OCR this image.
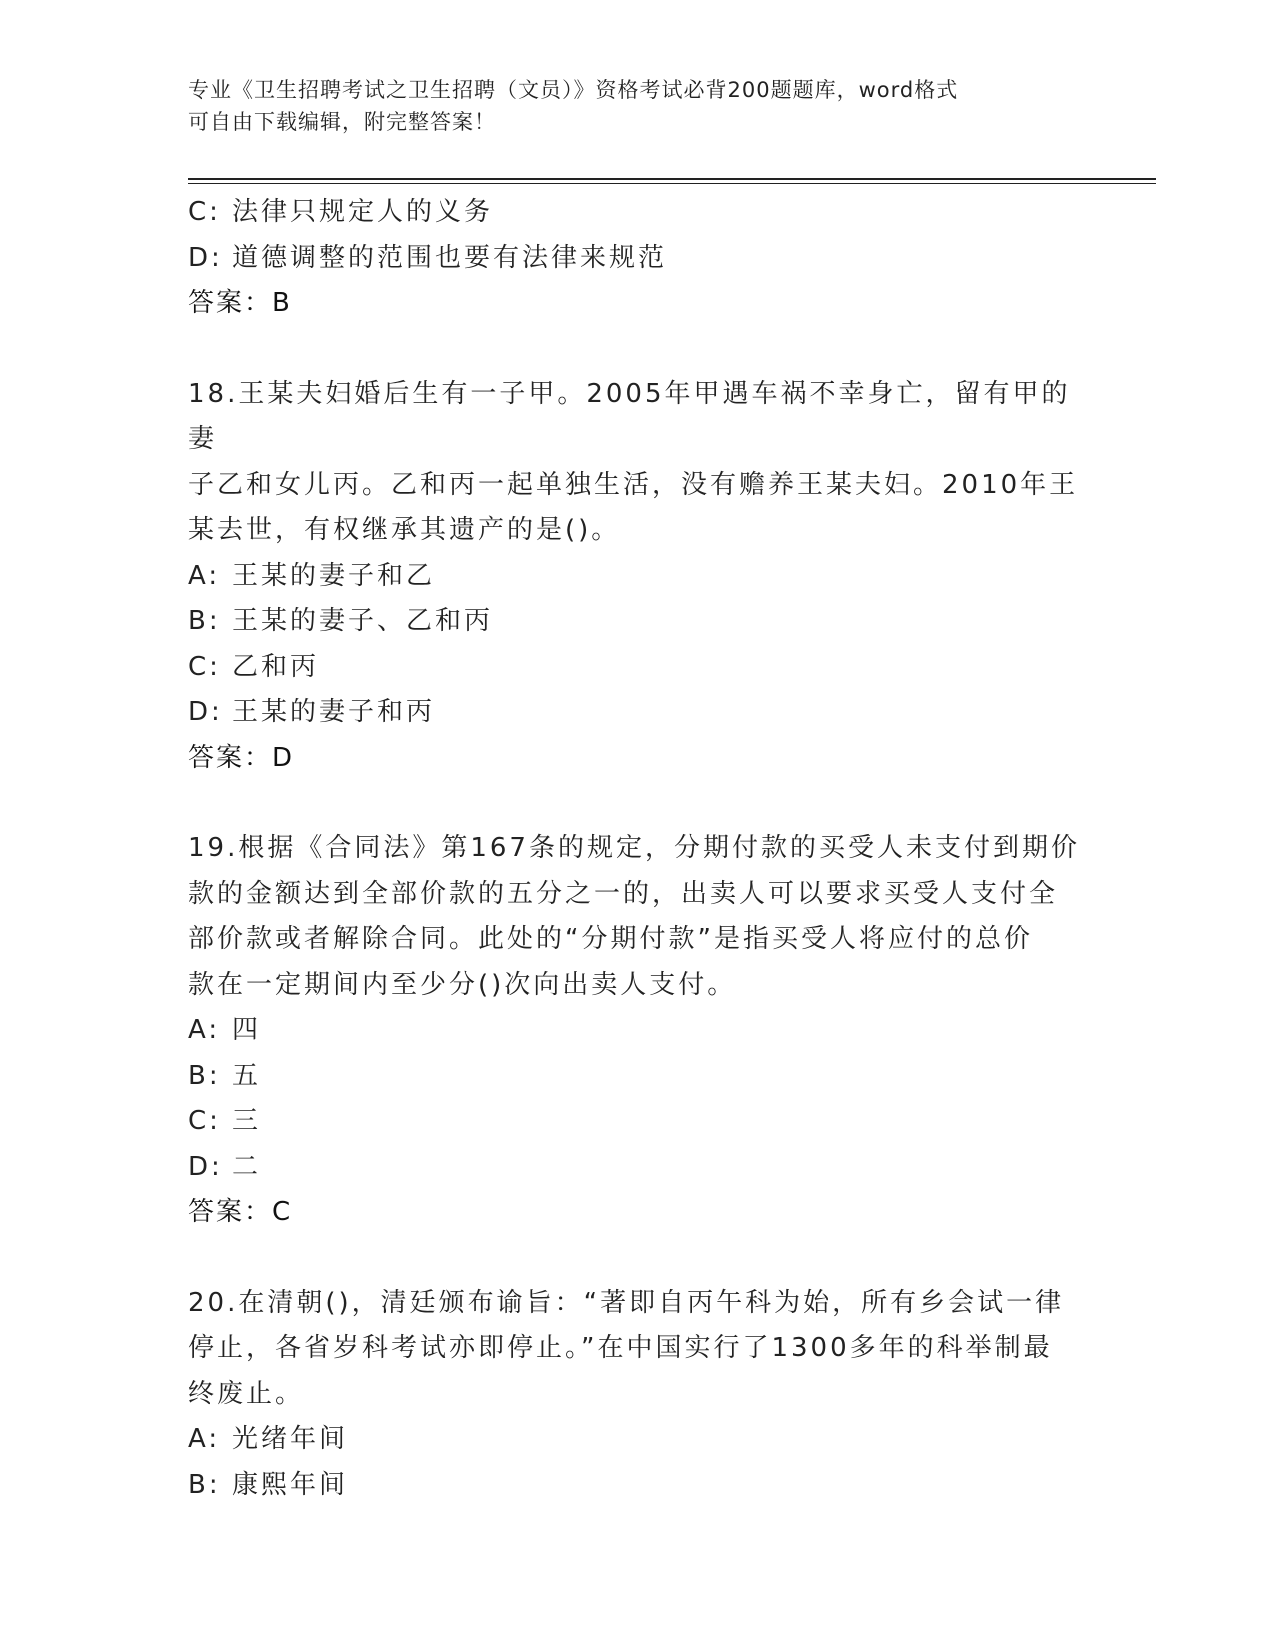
专业《卫生招聘考试之卫生招聘（文员）》资格考试必背200题题库，word格式
可自由下载编辑，附完整答案！
C: 法律只规定人的义务
D: 道德调整的范围也要有法律来规范
答案：B
18.王某夫妇婚后生有一子甲。2005年甲遇车祸不幸身亡，留有甲的妻
子乙和女儿丙。乙和丙一起单独生活，没有赡养王某夫妇。2010年王
某去世，有权继承其遗产的是()。
A: 王某的妻子和乙
B: 王某的妻子、乙和丙
C: 乙和丙
D: 王某的妻子和丙
答案：D
19.根据《合同法》第167条的规定，分期付款的买受人未支付到期价
款的金额达到全部价款的五分之一的，出卖人可以要求买受人支付全
部价款或者解除合同。此处的“分期付款”是指买受人将应付的总价
款在一定期间内至少分()次向出卖人支付。
A: 四
B: 五
C: 三
D: 二
答案：C
20.在清朝()，清廷颁布谕旨：“著即自丙午科为始，所有乡会试一律
停止，各省岁科考试亦即停止。”在中国实行了1300多年的科举制最
终废止。
A: 光绪年间
B: 康熙年间
